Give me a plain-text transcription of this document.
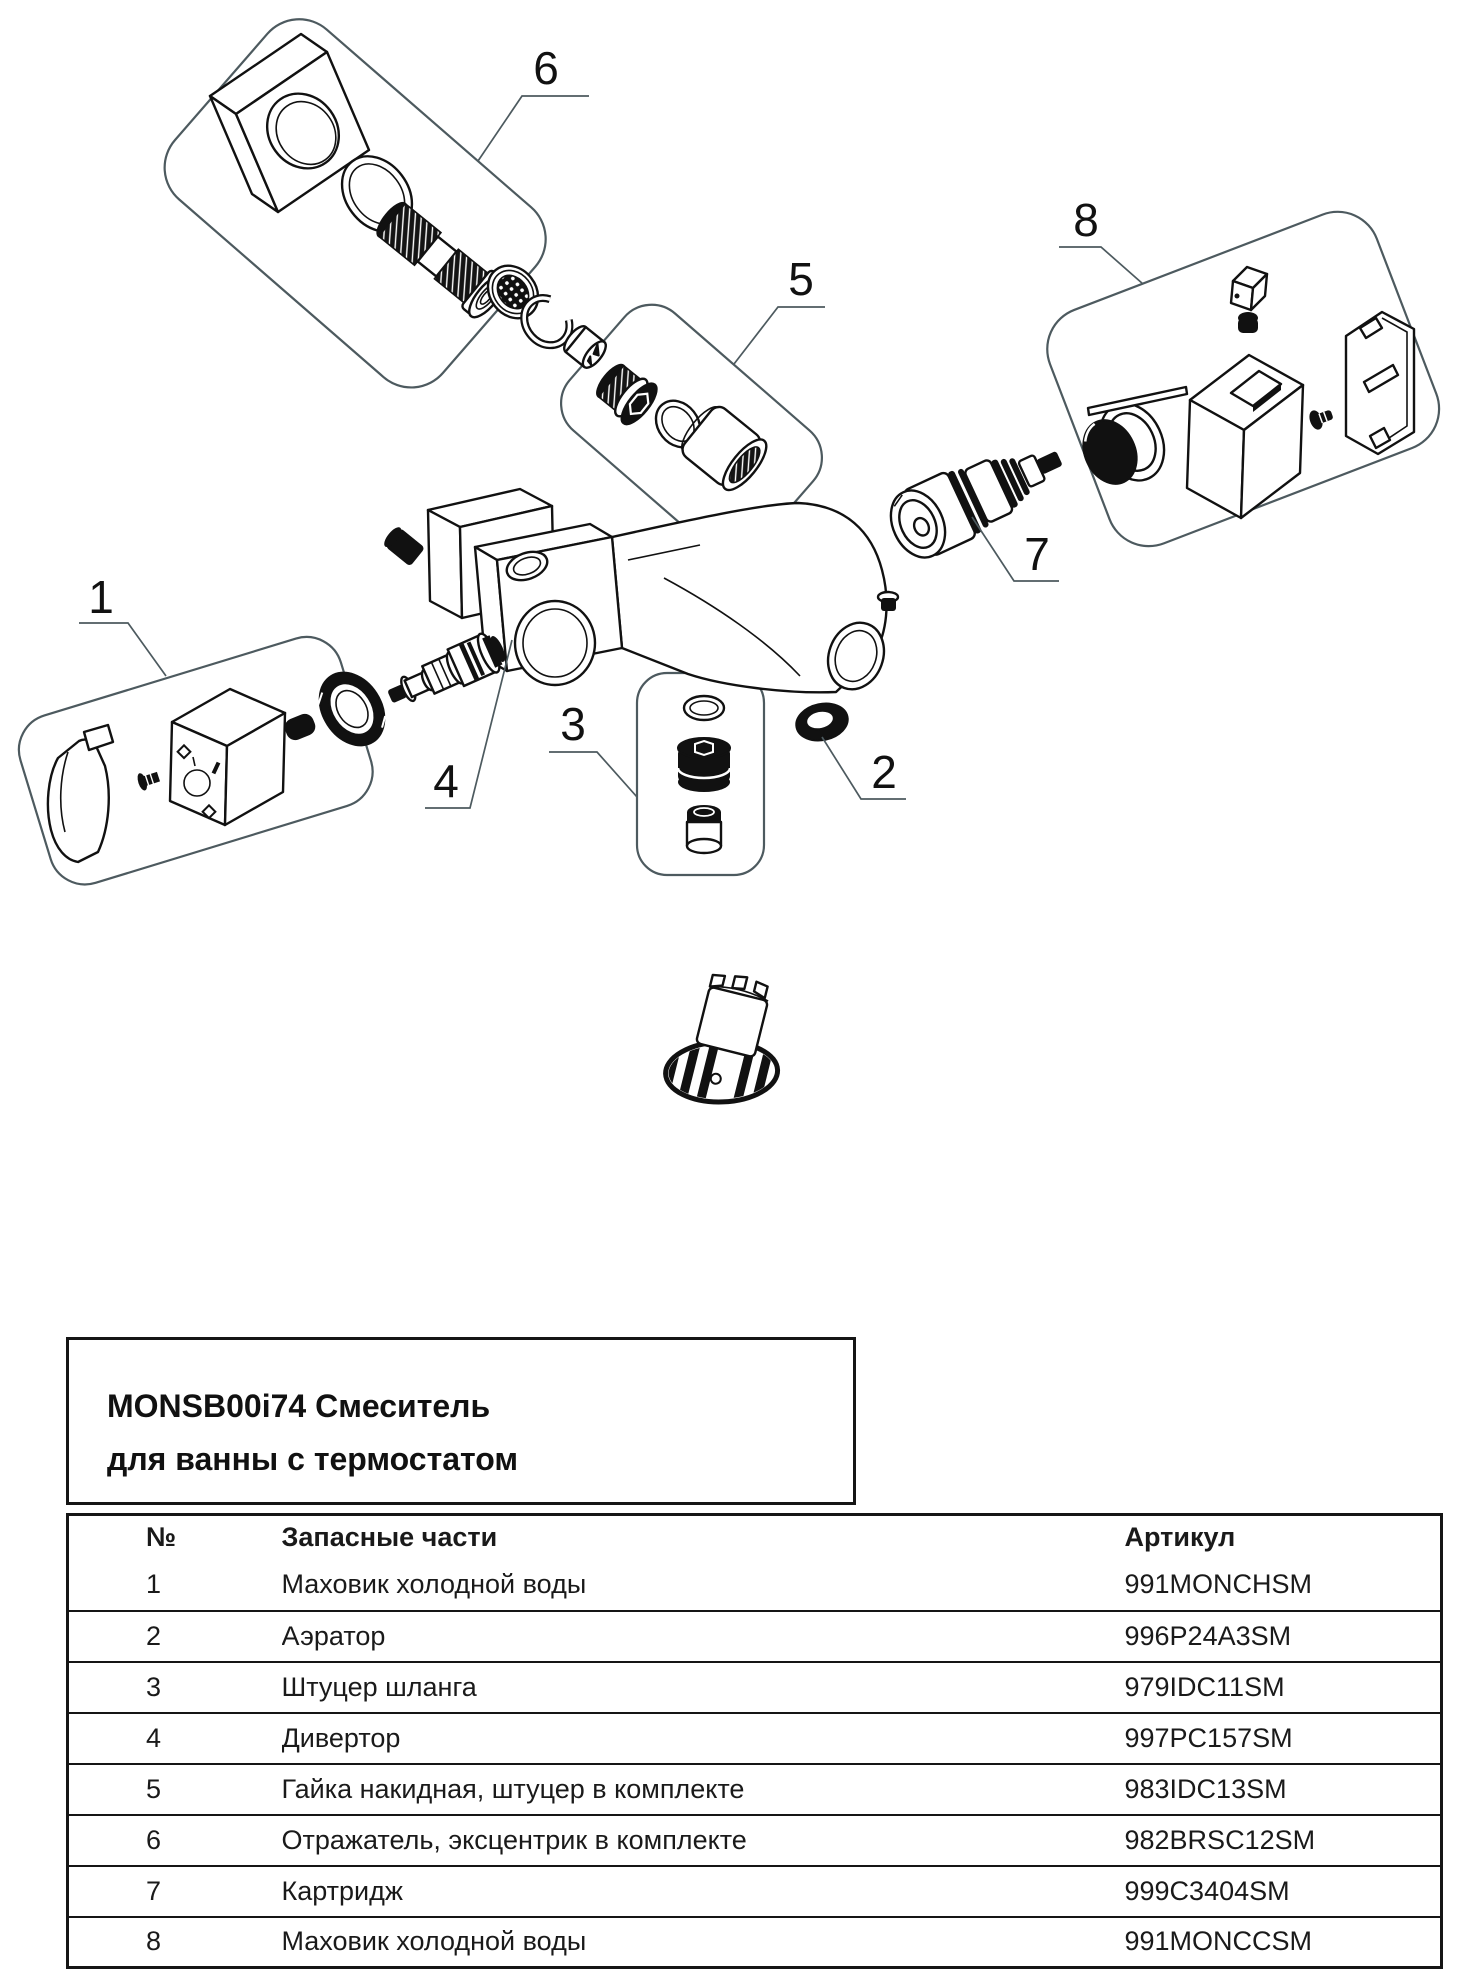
1
2
3
4
5
6
7
8
MONSB00i74 Смеситель
для ванны с термостатом
№	Запасные части	Артикул
1	Маховик холодной воды	991MONCHSM
2	Аэратор	996P24A3SM
3	Штуцер шланга	979IDC11SM
4	Дивертор	997PC157SM
5	Гайка накидная, штуцер в комплекте	983IDC13SM
6	Отражатель, эксцентрик в комплекте	982BRSC12SM
7	Картридж	999C3404SM
8	Маховик холодной воды	991MONCCSM
